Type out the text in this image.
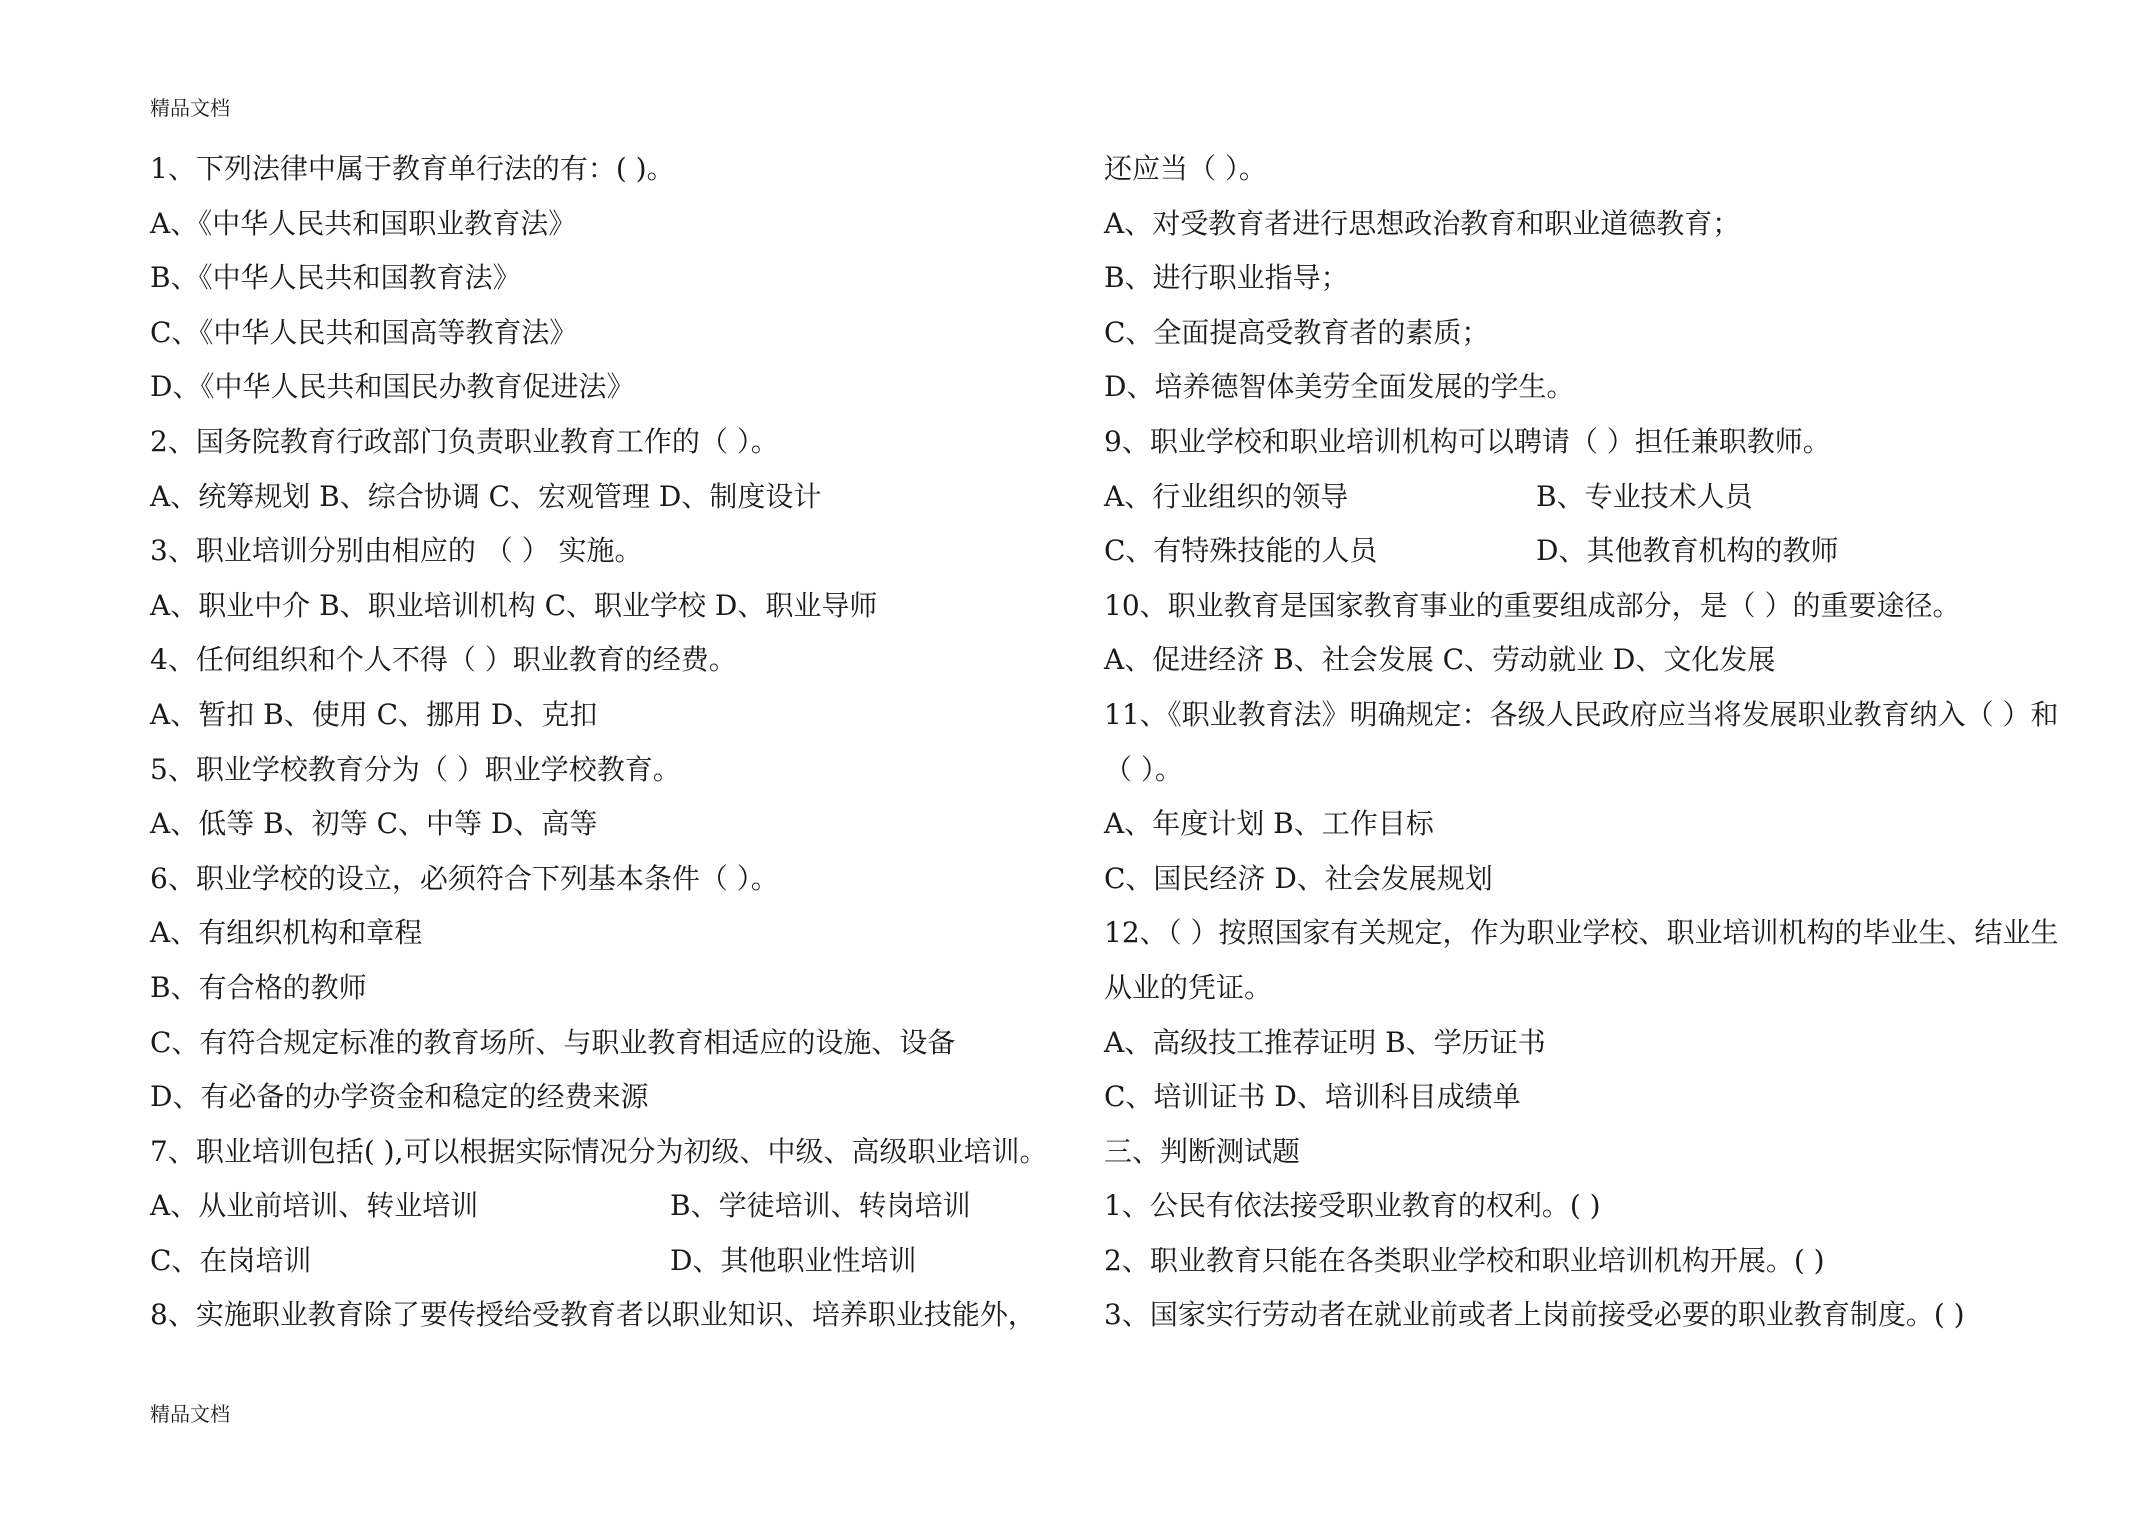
精品文档
1、下列法律中属于教育单行法的有：( )。
A、《中华人民共和国职业教育法》
B、《中华人民共和国教育法》
C、《中华人民共和国高等教育法》
D、《中华人民共和国民办教育促进法》
2、国务院教育行政部门负责职业教育工作的（ ）。
A、统筹规划 B、综合协调 C、宏观管理 D、制度设计
3、职业培训分别由相应的 （ ） 实施。
A、职业中介 B、职业培训机构 C、职业学校 D、职业导师
4、任何组织和个人不得（ ）职业教育的经费。
A、暂扣 B、使用 C、挪用 D、克扣
5、职业学校教育分为（ ）职业学校教育。
A、低等 B、初等 C、中等 D、高等
6、职业学校的设立，必须符合下列基本条件（ ）。
A、有组织机构和章程
B、有合格的教师
C、有符合规定标准的教育场所、与职业教育相适应的设施、设备
D、有必备的办学资金和稳定的经费来源
7、职业培训包括( ),可以根据实际情况分为初级、中级、高级职业培训。
A、从业前培训、转业培训	B、学徒培训、转岗培训
C、在岗培训	D、其他职业性培训
8、实施职业教育除了要传授给受教育者以职业知识、培养职业技能外，
还应当（ ）。
A、对受教育者进行思想政治教育和职业道德教育；
B、进行职业指导；
C、全面提高受教育者的素质；
D、培养德智体美劳全面发展的学生。
9、职业学校和职业培训机构可以聘请（ ）担任兼职教师。
A、行业组织的领导	B、专业技术人员
C、有特殊技能的人员	D、其他教育机构的教师
10、职业教育是国家教育事业的重要组成部分，是（ ）的重要途径。
A、促进经济 B、社会发展 C、劳动就业 D、文化发展
11、《职业教育法》明确规定：各级人民政府应当将发展职业教育纳入（ ）和（ ）。
A、年度计划 B、工作目标
C、国民经济 D、社会发展规划
12、（ ）按照国家有关规定，作为职业学校、职业培训机构的毕业生、结业生从业的凭证。
A、高级技工推荐证明 B、学历证书
C、培训证书 D、培训科目成绩单
三、判断测试题
1、公民有依法接受职业教育的权利。( )
2、职业教育只能在各类职业学校和职业培训机构开展。( )
3、国家实行劳动者在就业前或者上岗前接受必要的职业教育制度。( )
精品文档
